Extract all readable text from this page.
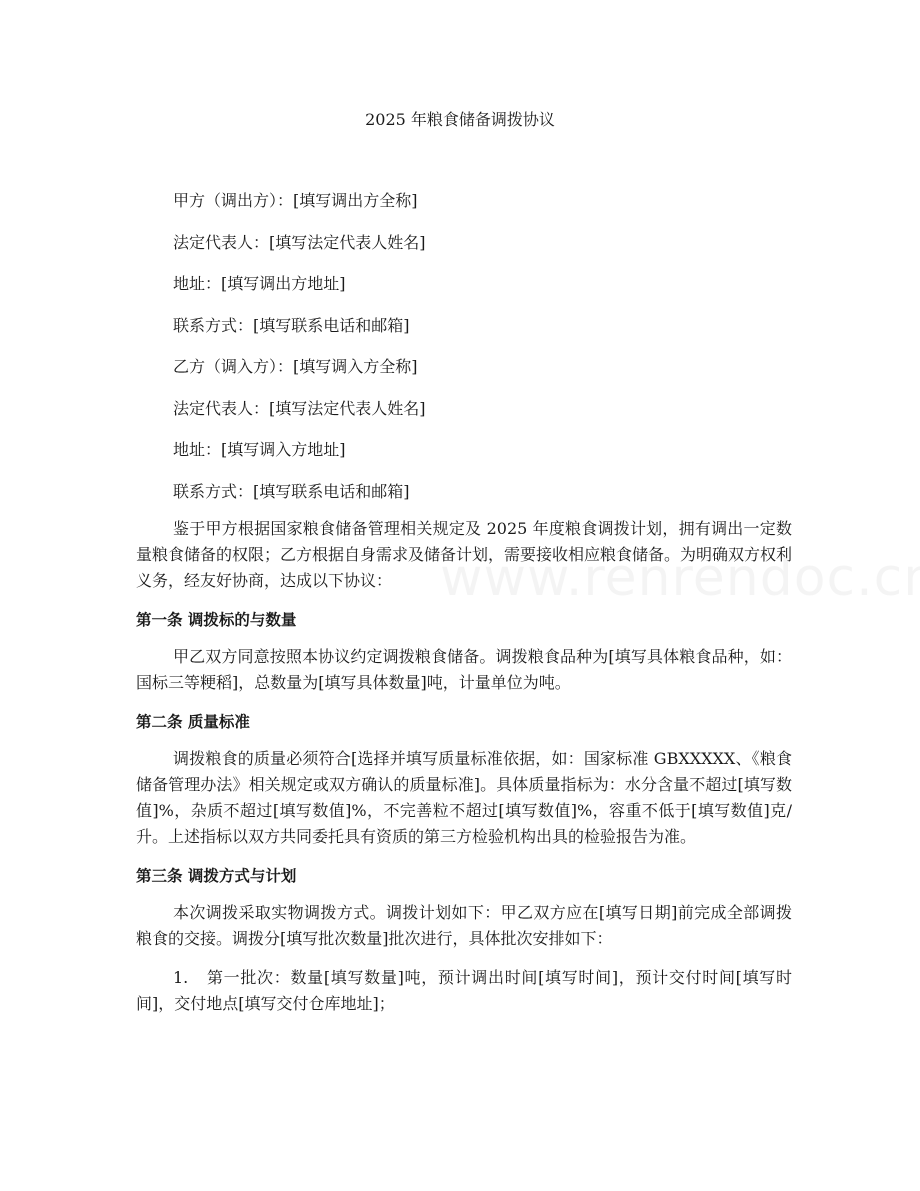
2025 年粮食储备调拨协议
甲方（调出方）：[填写调出方全称]
法定代表人：[填写法定代表人姓名]
地址：[填写调出方地址]
联系方式：[填写联系电话和邮箱]
乙方（调入方）：[填写调入方全称]
法定代表人：[填写法定代表人姓名]
地址：[填写调入方地址]
联系方式：[填写联系电话和邮箱]

鉴于甲方根据国家粮食储备管理相关规定及 2025 年度粮食调拨计划，拥有调出一定数量粮食储备的权限；乙方根据自身需求及储备计划，需要接收相应粮食储备。为明确双方权利义务，经友好协商，达成以下协议：

第一条 调拨标的与数量

甲乙双方同意按照本协议约定调拨粮食储备。调拨粮食品种为[填写具体粮食品种，如：国标三等粳稻]，总数量为[填写具体数量]吨，计量单位为吨。

第二条 质量标准

调拨粮食的质量必须符合[选择并填写质量标准依据，如：国家标准 GBXXXXX、《粮食储备管理办法》相关规定或双方确认的质量标准]。具体质量指标为：水分含量不超过[填写数值]%，杂质不超过[填写数值]%，不完善粒不超过[填写数值]%，容重不低于[填写数值]克/升。上述指标以双方共同委托具有资质的第三方检验机构出具的检验报告为准。

第三条 调拨方式与计划

本次调拨采取实物调拨方式。调拨计划如下：甲乙双方应在[填写日期]前完成全部调拨粮食的交接。调拨分[填写批次数量]批次进行，具体批次安排如下：

1. 第一批次：数量[填写数量]吨，预计调出时间[填写时间]，预计交付时间[填写时间]，交付地点[填写交付仓库地址]；
